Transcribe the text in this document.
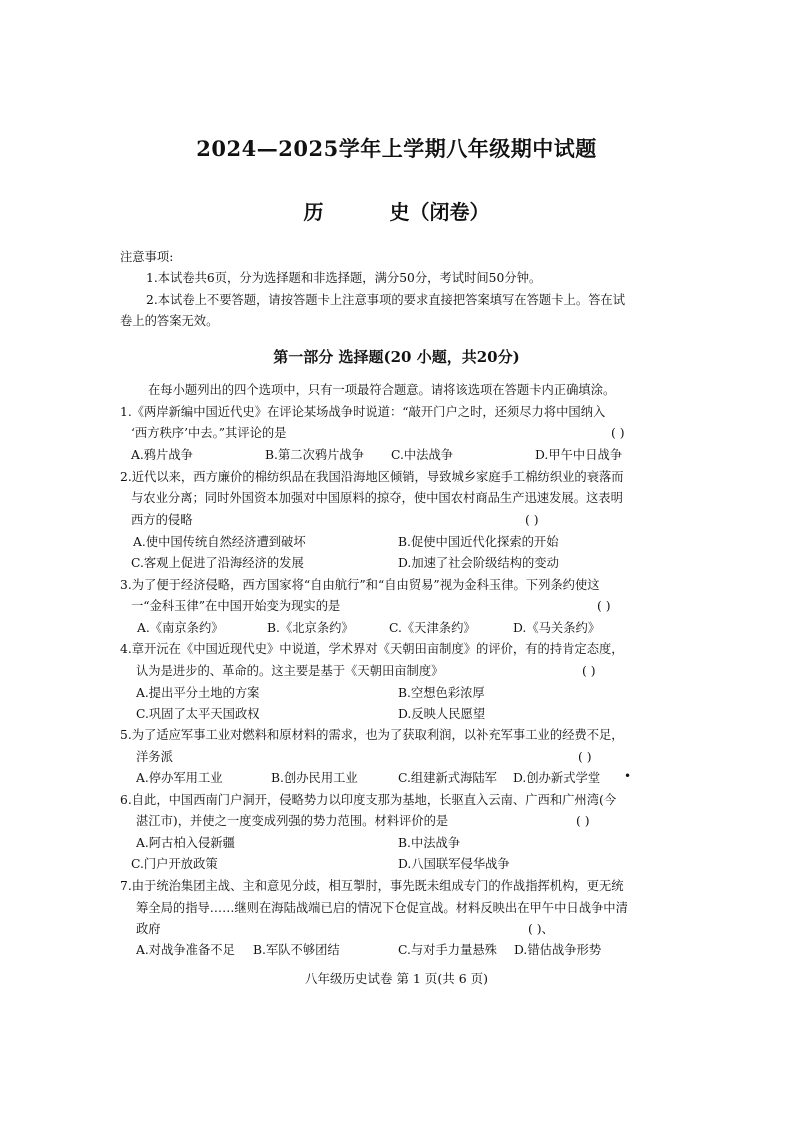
2024—2025学年上学期八年级期中试题
历	史（闭卷）
注意事项:
1.本试卷共6页，分为选择题和非选择题，满分50分，考试时间50分钟。
2.本试卷上不要答题，请按答题卡上注意事项的要求直接把答案填写在答题卡上。答在试
卷上的答案无效。
第一部分 选择题(20 小题，共20分)
在每小题列出的四个选项中，只有一项最符合题意。请将该选项在答题卡内正确填涂。
1.《两岸新编中国近代史》在评论某场战争时说道：“敲开门户之时，还须尽力将中国纳入
‘西方秩序’中去。”其评论的是	( )
A.鸦片战争	B.第二次鸦片战争 C.中法战争	D.甲午中日战争
2.近代以来，西方廉价的棉纺织品在我国沿海地区倾销，导致城乡家庭手工棉纺织业的衰落而
与农业分离；同时外国资本加强对中国原料的掠夺，使中国农村商品生产迅速发展。这表明
西方的侵略	( )
A.使中国传统自然经济遭到破坏	B.促使中国近代化探索的开始
C.客观上促进了沿海经济的发展	D.加速了社会阶级结构的变动
3.为了便于经济侵略，西方国家将“自由航行”和“自由贸易”视为金科玉律。下列条约使这
一“金科玉律”在中国开始变为现实的是	( )
A.《南京条约》	B.《北京条约》	C.《天津条约》	D.《马关条约》
4.章开沅在《中国近现代史》中说道，学术界对《天朝田亩制度》的评价，有的持肯定态度，
认为是进步的、革命的。这主要是基于《天朝田亩制度》	( )
A.提出平分土地的方案	B.空想色彩浓厚
C.巩固了太平天国政权	D.反映人民愿望
5.为了适应军事工业对燃料和原材料的需求，也为了获取利润，以补充军事工业的经费不足，
洋务派	( )
A.停办军用工业	B.创办民用工业	C.组建新式海陆军 D.创办新式学堂 •
6.自此，中国西南门户洞开，侵略势力以印度支那为基地，长驱直入云南、广西和广州湾(今
湛江市)，并使之一度变成列强的势力范围。材料评价的是	( )
A.阿古柏入侵新疆	B.中法战争
C.门户开放政策	D.八国联军侵华战争
7.由于统治集团主战、主和意见分歧，相互掣肘，事先既未组成专门的作战指挥机构，更无统
筹全局的指导……继则在海陆战端已启的情况下仓促宣战。材料反映出在甲午中日战争中清
政府	( )、
A.对战争准备不足 B.军队不够团结	C.与对手力量悬殊 D.错估战争形势
八年级历史试卷 第 1 页(共 6 页)
